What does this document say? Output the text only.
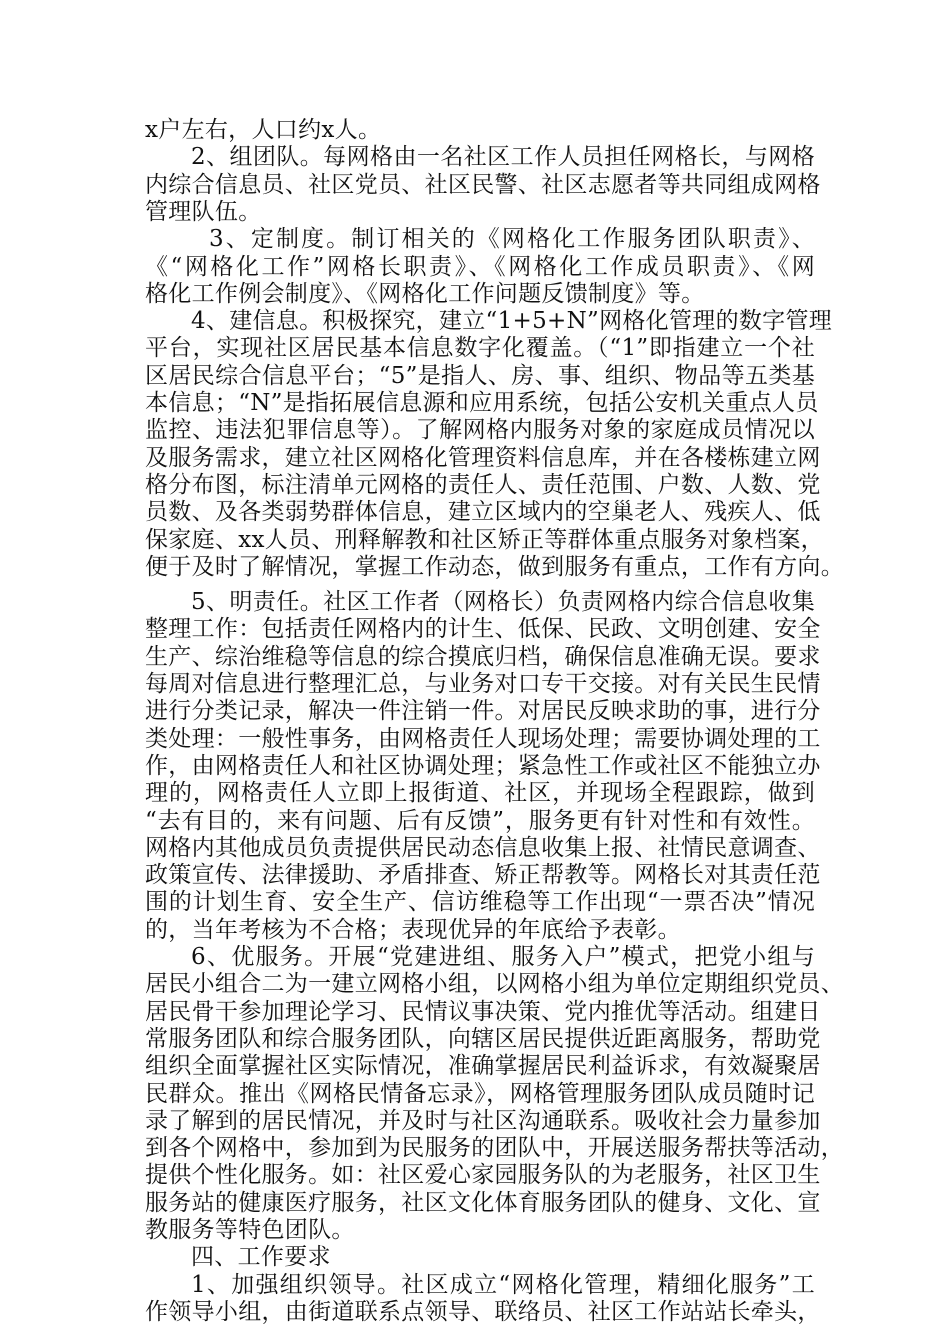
x户左右，人口约x人。
2、组团队。每网格由一名社区工作人员担任网格长，与网格
内综合信息员、社区党员、社区民警、社区志愿者等共同组成网格
管理队伍。
3、定制度。制订相关的《网格化工作服务团队职责》、
《“网格化工作”网格长职责》、《网格化工作成员职责》、《网
格化工作例会制度》、《网格化工作问题反馈制度》等。
4、建信息。积极探究，建立“1+5+N”网格化管理的数字管理
平台，实现社区居民基本信息数字化覆盖。（“1”即指建立一个社
区居民综合信息平台；“5”是指人、房、事、组织、物品等五类基
本信息；“N”是指拓展信息源和应用系统，包括公安机关重点人员
监控、违法犯罪信息等）。了解网格内服务对象的家庭成员情况以
及服务需求，建立社区网格化管理资料信息库，并在各楼栋建立网
格分布图，标注清单元网格的责任人、责任范围、户数、人数、党
员数、及各类弱势群体信息，建立区域内的空巢老人、残疾人、低
保家庭、xx人员、刑释解教和社区矫正等群体重点服务对象档案，
便于及时了解情况，掌握工作动态，做到服务有重点，工作有方向。
5、明责任。社区工作者（网格长）负责网格内综合信息收集
整理工作：包括责任网格内的计生、低保、民政、文明创建、安全
生产、综治维稳等信息的综合摸底归档，确保信息准确无误。要求
每周对信息进行整理汇总，与业务对口专干交接。对有关民生民情
进行分类记录，解决一件注销一件。对居民反映求助的事，进行分
类处理：一般性事务，由网格责任人现场处理；需要协调处理的工
作，由网格责任人和社区协调处理；紧急性工作或社区不能独立办
理的，网格责任人立即上报街道、社区，并现场全程跟踪，做到
“去有目的，来有问题、后有反馈”，服务更有针对性和有效性。
网格内其他成员负责提供居民动态信息收集上报、社情民意调查、
政策宣传、法律援助、矛盾排查、矫正帮教等。网格长对其责任范
围的计划生育、安全生产、信访维稳等工作出现“一票否决”情况
的，当年考核为不合格；表现优异的年底给予表彰。
6、优服务。开展“党建进组、服务入户”模式，把党小组与
居民小组合二为一建立网格小组，以网格小组为单位定期组织党员、
居民骨干参加理论学习、民情议事决策、党内推优等活动。组建日
常服务团队和综合服务团队，向辖区居民提供近距离服务，帮助党
组织全面掌握社区实际情况，准确掌握居民利益诉求，有效凝聚居
民群众。推出《网格民情备忘录》，网格管理服务团队成员随时记
录了解到的居民情况，并及时与社区沟通联系。吸收社会力量参加
到各个网格中，参加到为民服务的团队中，开展送服务帮扶等活动，
提供个性化服务。如：社区爱心家园服务队的为老服务，社区卫生
服务站的健康医疗服务，社区文化体育服务团队的健身、文化、宣
教服务等特色团队。
四、工作要求
1、加强组织领导。社区成立“网格化管理，精细化服务”工
作领导小组，由街道联系点领导、联络员、社区工作站站长牵头，
